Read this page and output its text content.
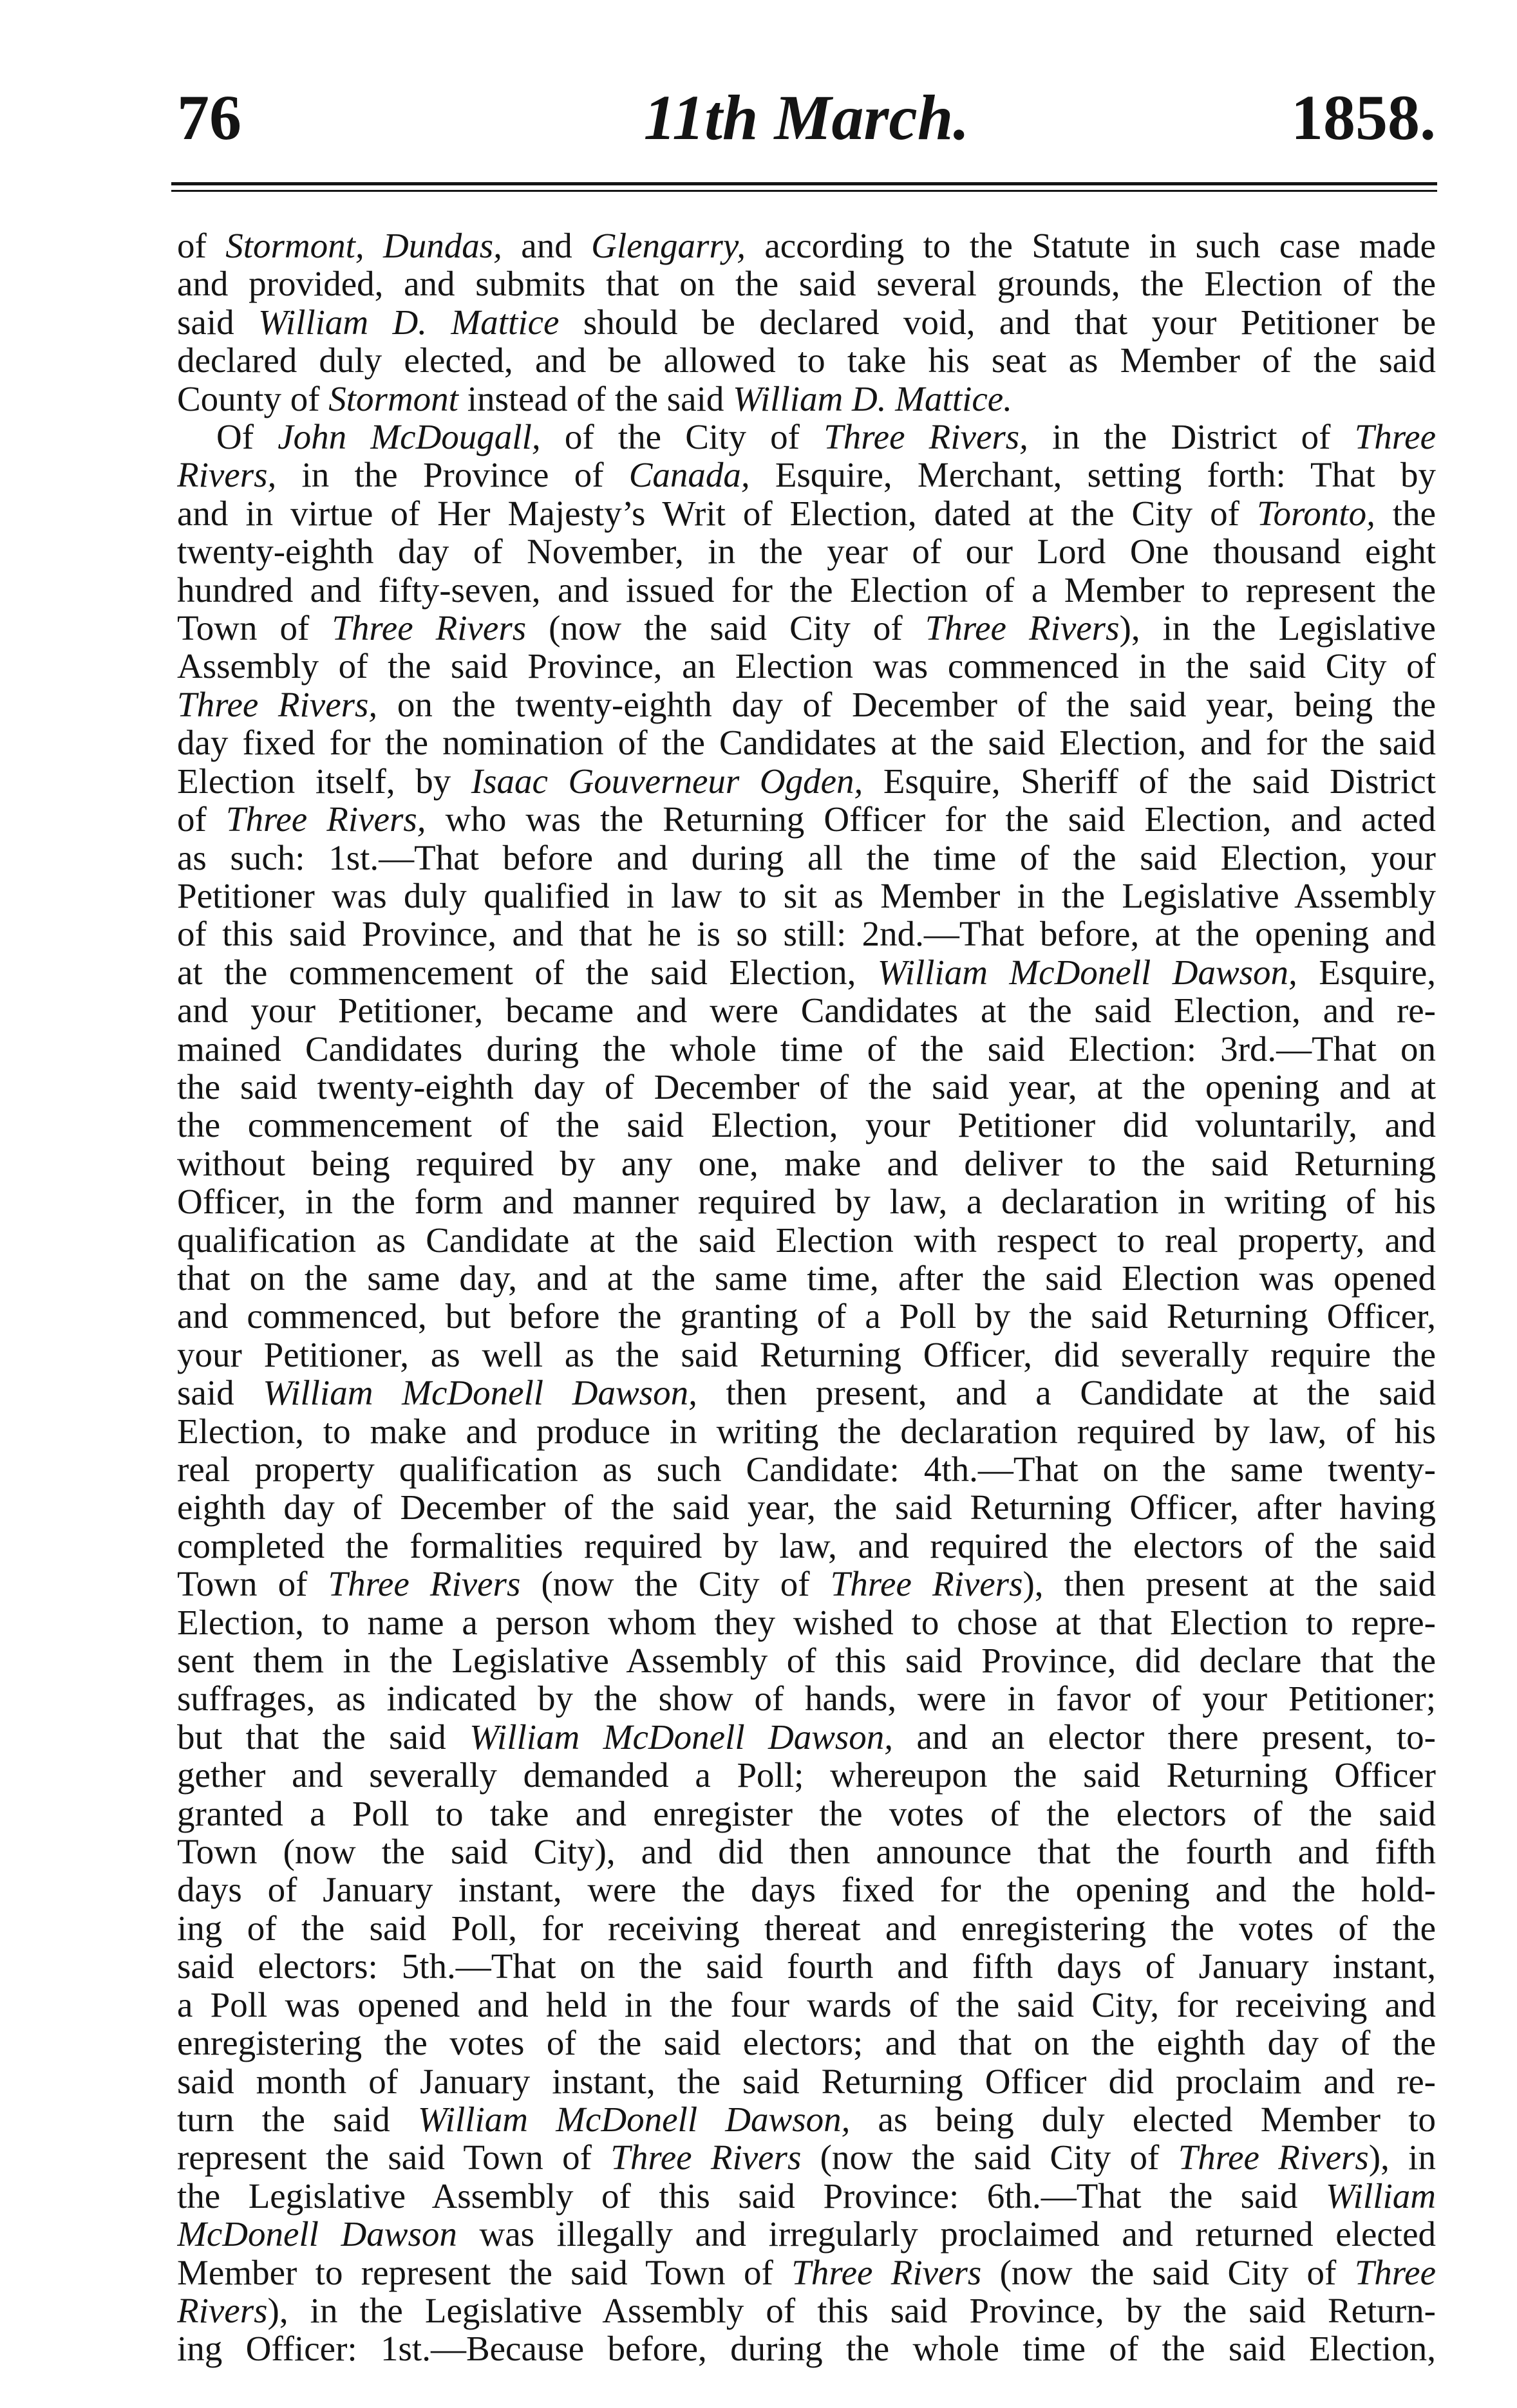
76	11th March.	1858.
of Stormont, Dundas, and Glengarry, according to the Statute in such case made
and provided, and submits that on the said several grounds, the Election of the
said William D. Mattice should be declared void, and that your Petitioner be
declared duly elected, and be allowed to take his seat as Member of the said
County of Stormont instead of the said William D. Mattice.
Of John McDougall, of the City of Three Rivers, in the District of Three
Rivers, in the Province of Canada, Esquire, Merchant, setting forth: That by
and in virtue of Her Majesty’s Writ of Election, dated at the City of Toronto, the
twenty-eighth day of November, in the year of our Lord One thousand eight
hundred and fifty-seven, and issued for the Election of a Member to represent the
Town of Three Rivers (now the said City of Three Rivers), in the Legislative
Assembly of the said Province, an Election was commenced in the said City of
Three Rivers, on the twenty-eighth day of December of the said year, being the
day fixed for the nomination of the Candidates at the said Election, and for the said
Election itself, by Isaac Gouverneur Ogden, Esquire, Sheriff of the said District
of Three Rivers, who was the Returning Officer for the said Election, and acted
as such: 1st.—That before and during all the time of the said Election, your
Petitioner was duly qualified in law to sit as Member in the Legislative Assembly
of this said Province, and that he is so still: 2nd.—That before, at the opening and
at the commencement of the said Election, William McDonell Dawson, Esquire,
and your Petitioner, became and were Candidates at the said Election, and re-
mained Candidates during the whole time of the said Election: 3rd.—That on
the said twenty-eighth day of December of the said year, at the opening and at
the commencement of the said Election, your Petitioner did voluntarily, and
without being required by any one, make and deliver to the said Returning
Officer, in the form and manner required by law, a declaration in writing of his
qualification as Candidate at the said Election with respect to real property, and
that on the same day, and at the same time, after the said Election was opened
and commenced, but before the granting of a Poll by the said Returning Officer,
your Petitioner, as well as the said Returning Officer, did severally require the
said William McDonell Dawson, then present, and a Candidate at the said
Election, to make and produce in writing the declaration required by law, of his
real property qualification as such Candidate: 4th.—That on the same twenty-
eighth day of December of the said year, the said Returning Officer, after having
completed the formalities required by law, and required the electors of the said
Town of Three Rivers (now the City of Three Rivers), then present at the said
Election, to name a person whom they wished to chose at that Election to repre-
sent them in the Legislative Assembly of this said Province, did declare that the
suffrages, as indicated by the show of hands, were in favor of your Petitioner;
but that the said William McDonell Dawson, and an elector there present, to-
gether and severally demanded a Poll; whereupon the said Returning Officer
granted a Poll to take and enregister the votes of the electors of the said
Town (now the said City), and did then announce that the fourth and fifth
days of January instant, were the days fixed for the opening and the hold-
ing of the said Poll, for receiving thereat and enregistering the votes of the
said electors: 5th.—That on the said fourth and fifth days of January instant,
a Poll was opened and held in the four wards of the said City, for receiving and
enregistering the votes of the said electors; and that on the eighth day of the
said month of January instant, the said Returning Officer did proclaim and re-
turn the said William McDonell Dawson, as being duly elected Member to
represent the said Town of Three Rivers (now the said City of Three Rivers), in
the Legislative Assembly of this said Province: 6th.—That the said William
McDonell Dawson was illegally and irregularly proclaimed and returned elected
Member to represent the said Town of Three Rivers (now the said City of Three
Rivers), in the Legislative Assembly of this said Province, by the said Return-
ing Officer: 1st.—Because before, during the whole time of the said Election,
